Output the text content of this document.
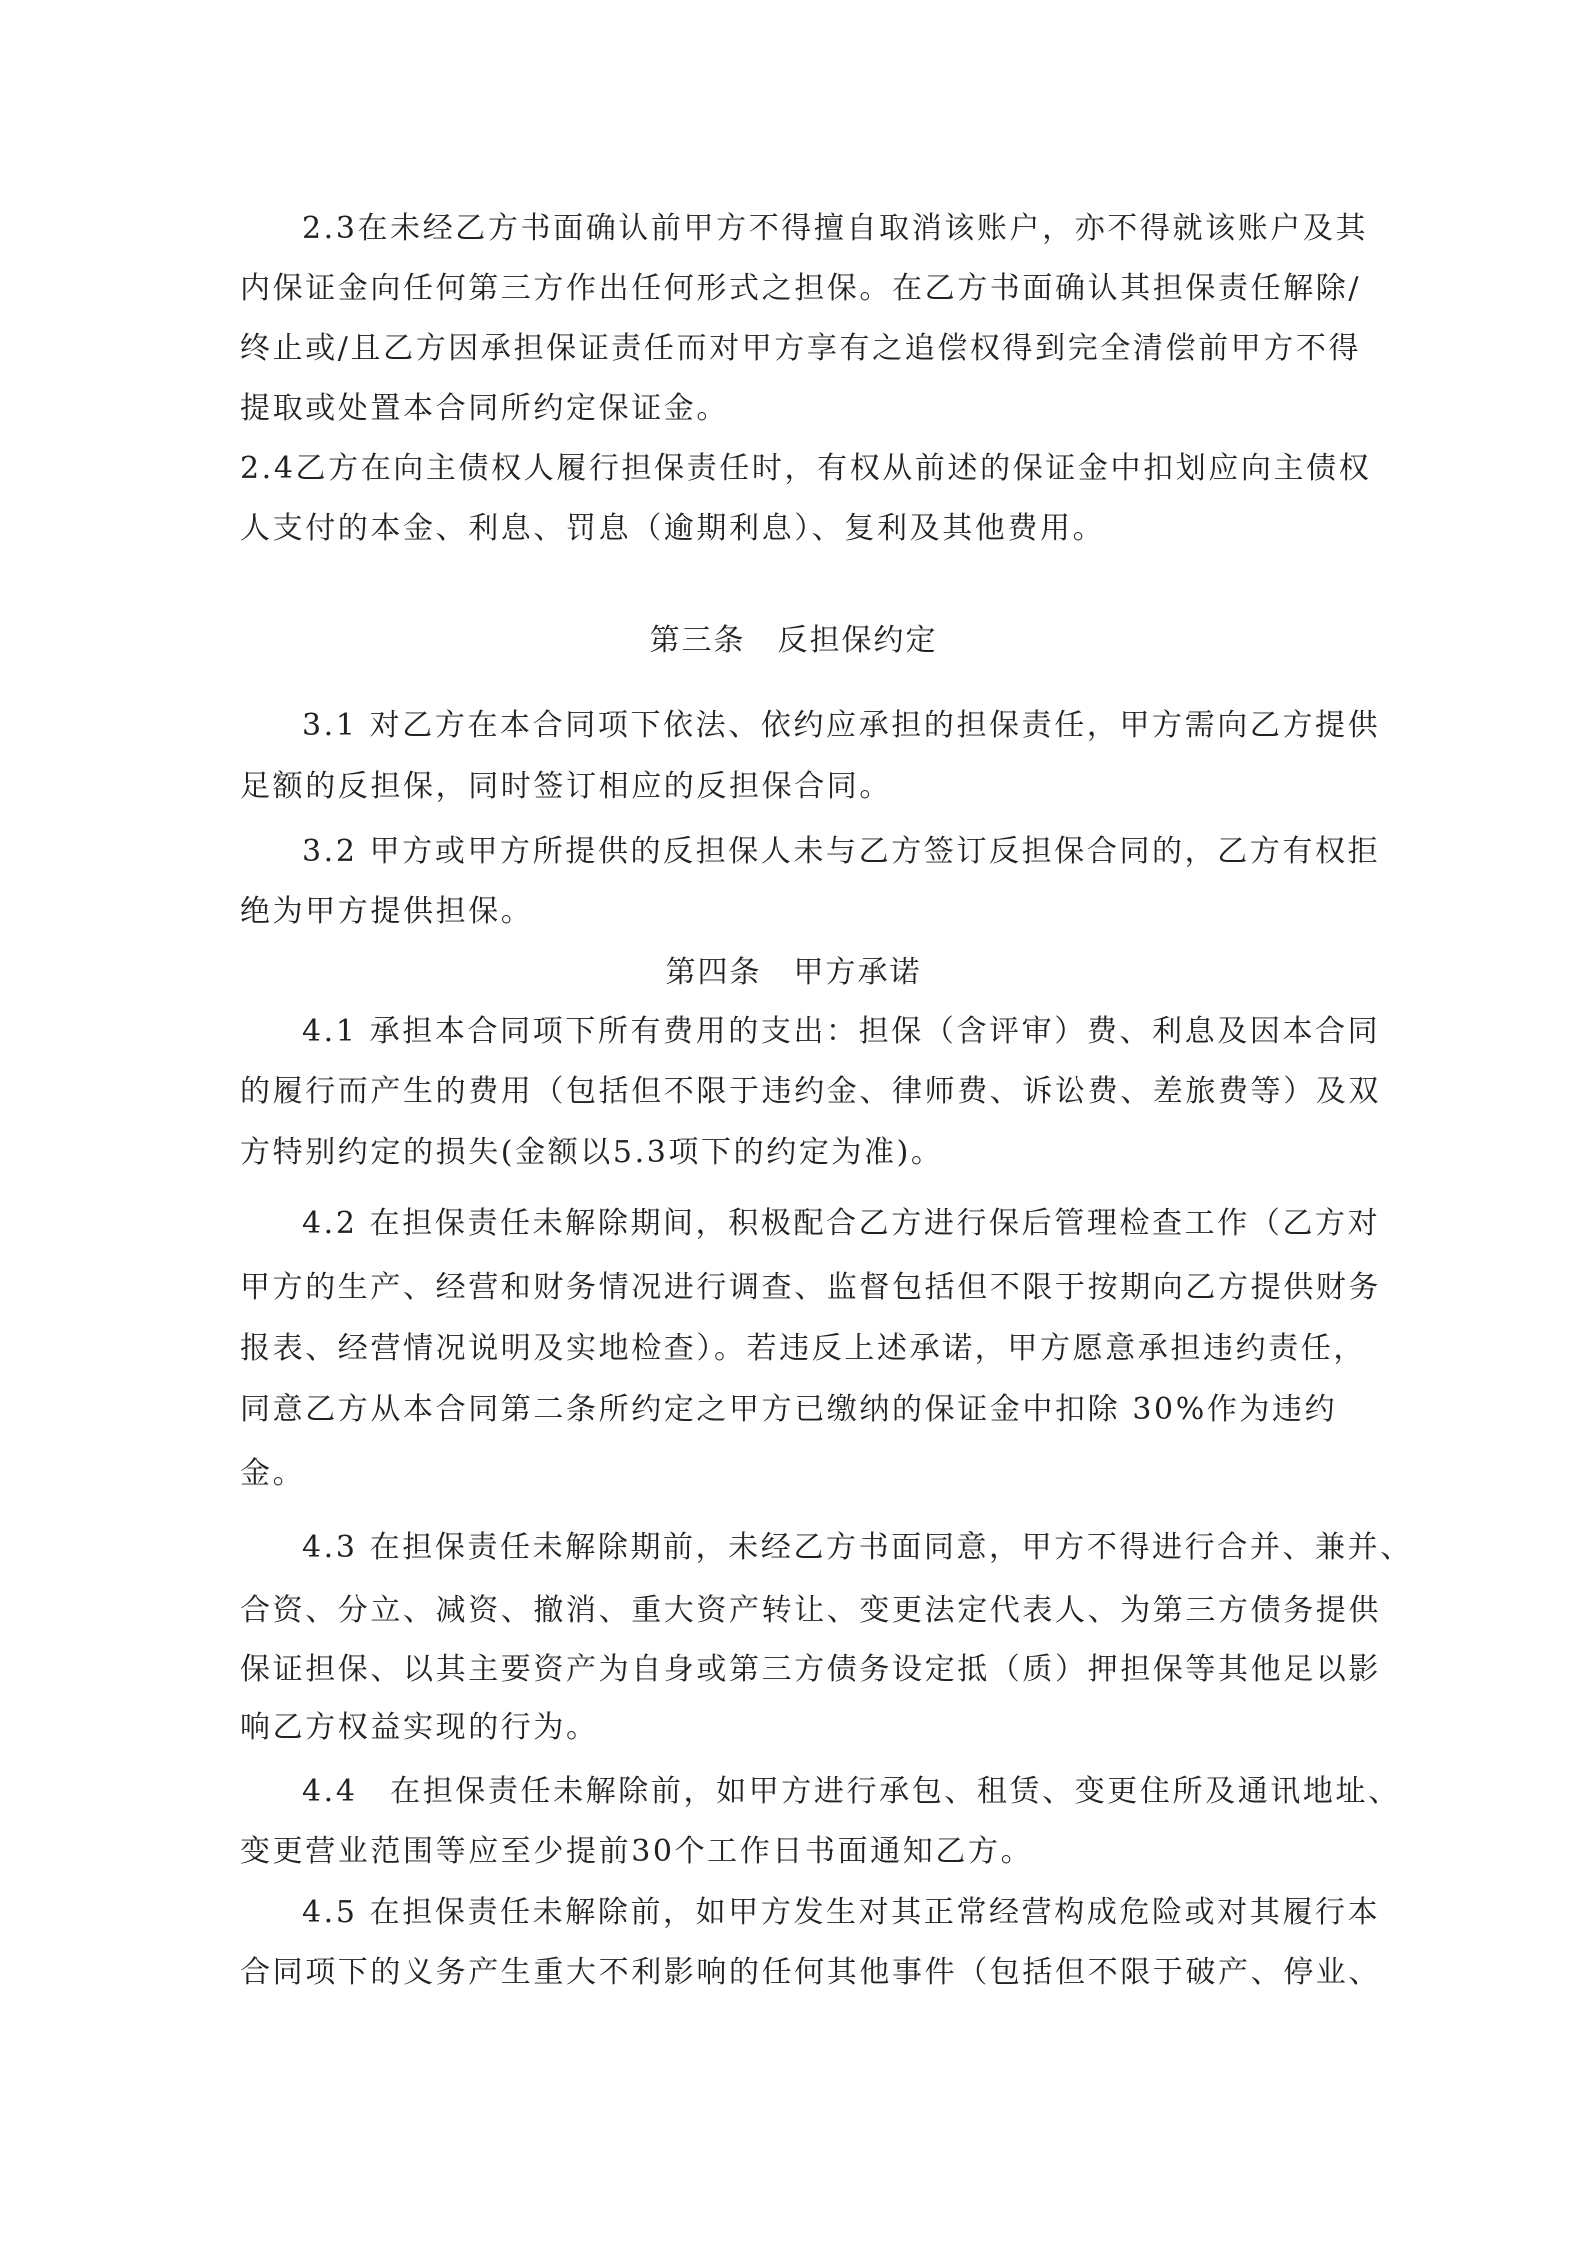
2.3在未经乙方书面确认前甲方不得擅自取消该账户，亦不得就该账户及其
内保证金向任何第三方作出任何形式之担保。在乙方书面确认其担保责任解除/
终止或/且乙方因承担保证责任而对甲方享有之追偿权得到完全清偿前甲方不得
提取或处置本合同所约定保证金。
2.4乙方在向主债权人履行担保责任时，有权从前述的保证金中扣划应向主债权
人支付的本金、利息、罚息（逾期利息）、复利及其他费用。
第三条　反担保约定
3.1 对乙方在本合同项下依法、依约应承担的担保责任，甲方需向乙方提供
足额的反担保，同时签订相应的反担保合同。
3.2 甲方或甲方所提供的反担保人未与乙方签订反担保合同的，乙方有权拒
绝为甲方提供担保。
第四条　甲方承诺
4.1 承担本合同项下所有费用的支出：担保（含评审）费、利息及因本合同
的履行而产生的费用（包括但不限于违约金、律师费、诉讼费、差旅费等）及双
方特别约定的损失(金额以5.3项下的约定为准)。
4.2 在担保责任未解除期间，积极配合乙方进行保后管理检查工作（乙方对
甲方的生产、经营和财务情况进行调查、监督包括但不限于按期向乙方提供财务
报表、经营情况说明及实地检查）。若违反上述承诺，甲方愿意承担违约责任，
同意乙方从本合同第二条所约定之甲方已缴纳的保证金中扣除 30%作为违约
金。
4.3 在担保责任未解除期前，未经乙方书面同意，甲方不得进行合并、兼并、
合资、分立、减资、撤消、重大资产转让、变更法定代表人、为第三方债务提供
保证担保、以其主要资产为自身或第三方债务设定抵（质）押担保等其他足以影
响乙方权益实现的行为。
4.4　在担保责任未解除前，如甲方进行承包、租赁、变更住所及通讯地址、
变更营业范围等应至少提前30个工作日书面通知乙方。
4.5 在担保责任未解除前，如甲方发生对其正常经营构成危险或对其履行本
合同项下的义务产生重大不利影响的任何其他事件（包括但不限于破产、停业、
